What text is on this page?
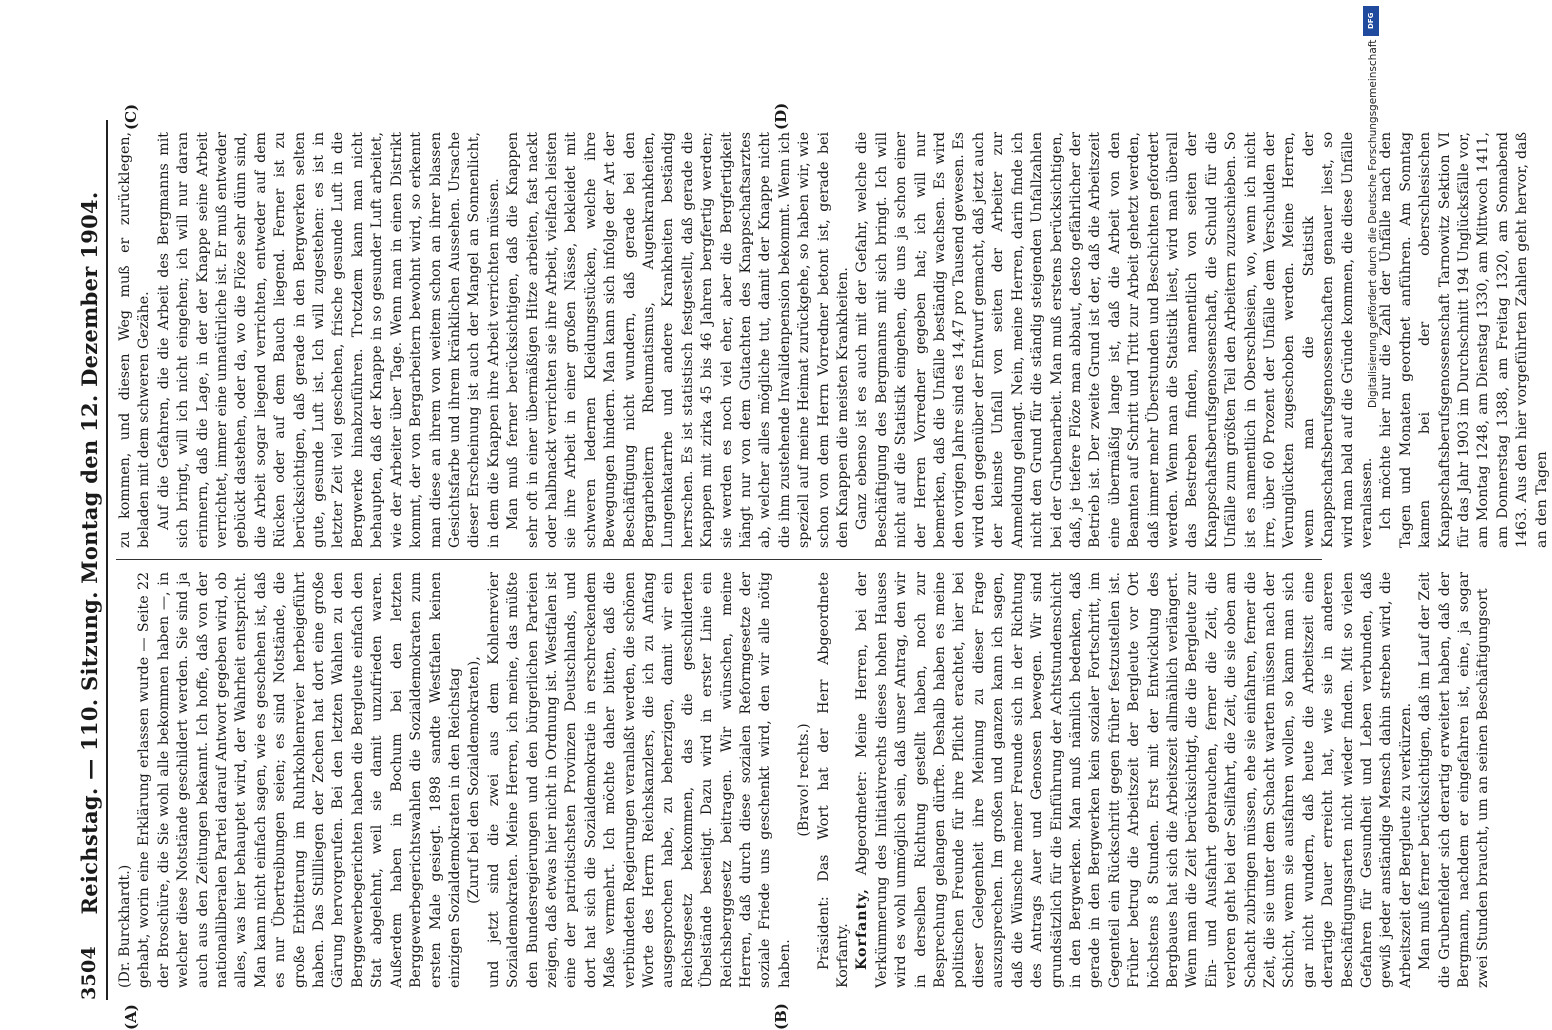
3504
Reichstag. — 110. Sitzung. Montag den 12. Dezember 1904.
(A)	(B)
(C)	(D)

(Dr. Burckhardt.) gehabt, worin eine Erklärung erlassen wurde — Seite 22 der Broschüre, die Sie wohl alle bekommen haben —, in welcher diese Notstände geschildert werden. Sie sind ja auch aus den Zeitungen bekannt. Ich hoffe, daß von der nationalliberalen Partei darauf Antwort gegeben wird, ob alles, was hier behauptet wird, der Wahrheit entspricht. Man kann nicht einfach sagen, wie es geschehen ist, daß es nur Übertreibungen seien; es sind Notstände, die große Erbitterung im Ruhrkohlenrevier herbeigeführt haben. Das Stillliegen der Zechen hat dort eine große Gärung hervorgerufen. Bei den letzten Wahlen zu den Berggewerbegerichten haben die Bergleute einfach den Stat abgelehnt, weil sie damit unzufrieden waren. Außerdem haben in Bochum bei den letzten Berggewerbegerichtswahlen die Sozialdemokraten zum ersten Male gesiegt. 1898 sandte Westfalen keinen einzigen Sozialdemokraten in den Reichstag (Zuruf bei den Sozialdemokraten), und jetzt sind die zwei aus dem Kohlenrevier Sozialdemokraten. Meine Herren, ich meine, das müßte den Bundesregierungen und den bürgerlichen Parteien zeigen, daß etwas hier nicht in Ordnung ist. Westfalen ist eine der patriotischsten Provinzen Deutschlands, und dort hat sich die Sozialdemokratie in erschreckendem Maße vermehrt. Ich möchte daher bitten, daß die verbündeten Regierungen veranlaßt werden, die schönen Worte des Herrn Reichskanzlers, die ich zu Anfang ausgesprochen habe, zu beherzigen, damit wir ein Reichsgesetz bekommen, das die geschilderten Übelstände beseitigt. Dazu wird in erster Linie ein Reichsberggesetz beitragen. Wir wünschen, meine Herren, daß durch diese sozialen Reformgesetze der soziale Friede uns geschenkt wird, den wir alle nötig haben.

(Bravo! rechts.) Präsident: Das Wort hat der Herr Abgeordnete Korfanty. Korfanty, Abgeordneter: Meine Herren, bei der Verkümmerung des Initiativrechts dieses hohen Hauses wird es wohl unmöglich sein, daß unser Antrag, den wir in derselben Richtung gestellt haben, noch zur Besprechung gelangen dürfte. Deshalb haben es meine politischen Freunde für ihre Pflicht erachtet, hier bei dieser Gelegenheit ihre Meinung zu dieser Frage auszusprechen. Im großen und ganzen kann ich sagen, daß die Wünsche meiner Freunde sich in der Richtung des Antrags Auer und Genossen bewegen. Wir sind grundsätzlich für die Einführung der Achtstundenschicht in den Bergwerken. Man muß nämlich bedenken, daß gerade in den Bergwerken kein sozialer Fortschritt, im Gegenteil ein Rückschritt gegen früher festzustellen ist. Früher betrug die Arbeitszeit der Bergleute vor Ort höchstens 8 Stunden. Erst mit der Entwicklung des Bergbaues hat sich die Arbeitszeit allmählich verlängert. Wenn man die Zeit berücksichtigt, die die Bergleute zur Ein- und Ausfahrt gebrauchen, ferner die Zeit, die verloren geht bei der Seilfahrt, die Zeit, die sie oben am Schacht zubringen müssen, ehe sie einfahren, ferner die Zeit, die sie unter dem Schacht warten müssen nach der Schicht, wenn sie ausfahren wollen, so kann man sich gar nicht wundern, daß heute die Arbeitszeit eine derartige Dauer erreicht hat, wie sie in anderen Beschäftigungsarten nicht wieder finden. Mit so vielen Gefahren für Gesundheit und Leben verbunden, daß gewiß jeder anständige Mensch dahin streben wird, die Arbeitszeit der Bergleute zu verkürzen. Man muß ferner berücksichtigen, daß im Lauf der Zeit die Grubenfelder sich derartig erweitert haben, daß der Bergmann, nachdem er eingefahren ist, eine, ja sogar zwei Stunden braucht, um an seinen Beschäftigungsort

zu kommen, und diesen Weg muß er zurücklegen, beladen mit dem schweren Gezähe. Auf die Gefahren, die die Arbeit des Bergmanns mit sich bringt, will ich nicht eingehen; ich will nur daran erinnern, daß die Lage, in der der Knappe seine Arbeit verrichtet, immer eine unnatürliche ist. Er muß entweder gebückt dastehen, oder da, wo die Flöze sehr dünn sind, die Arbeit sogar liegend verrichten, entweder auf dem Rücken oder auf dem Bauch liegend. Ferner ist zu berücksichtigen, daß gerade in den Bergwerken selten gute, gesunde Luft ist. Ich will zugestehen: es ist in letzter Zeit viel geschehen, frische gesunde Luft in die Bergwerke hinabzuführen. Trotzdem kann man nicht behaupten, daß der Knappe in so gesunder Luft arbeitet, wie der Arbeiter über Tage. Wenn man in einen Distrikt kommt, der von Bergarbeitern bewohnt wird, so erkennt man diese an ihrem von weitem schon an ihrer blassen Gesichtsfarbe und ihrem kränklichen Aussehen. Ursache dieser Erscheinung ist auch der Mangel an Sonnenlicht, in dem die Knappen ihre Arbeit verrichten müssen. Man muß ferner berücksichtigen, daß die Knappen sehr oft in einer übermäßigen Hitze arbeiten, fast nackt oder halbnackt verrichten sie ihre Arbeit, vielfach leisten sie ihre Arbeit in einer großen Nässe, bekleidet mit schweren ledernen Kleidungsstücken, welche ihre Bewegungen hindern. Man kann sich infolge der Art der Beschäftigung nicht wundern, daß gerade bei den Bergarbeitern Rheumatismus, Augenkrankheiten, Lungenkatarrhe und andere Krankheiten beständig herrschen. Es ist statistisch festgestellt, daß gerade die Knappen mit zirka 45 bis 46 Jahren bergfertig werden; sie werden es noch viel eher, aber die Bergfertigkeit hängt nur von dem Gutachten des Knappschaftsarztes ab, welcher alles mögliche tut, damit der Knappe nicht die ihm zustehende Invalidenpension bekommt. Wenn ich speziell auf meine Heimat zurückgehe, so haben wir, wie schon von dem Herrn Vorredner betont ist, gerade bei den Knappen die meisten Krankheiten. Ganz ebenso ist es auch mit der Gefahr, welche die Beschäftigung des Bergmanns mit sich bringt. Ich will nicht auf die Statistik eingehen, die uns ja schon einer der Herren Vorredner gegeben hat; ich will nur bemerken, daß die Unfälle beständig wachsen. Es wird den vorigen Jahre sind es 14,47 pro Tausend gewesen. Es wird den gegenüber der Entwurf gemacht, daß jetzt auch der kleinste Unfall von seiten der Arbeiter zur Anmeldung gelangt. Nein, meine Herren, darin finde ich nicht den Grund für die ständig steigenden Unfallzahlen bei der Grubenarbeit. Man muß erstens berücksichtigen, daß, je tiefere Flöze man abbaut, desto gefährlicher der Betrieb ist. Der zweite Grund ist der, daß die Arbeitszeit eine übermäßig lange ist, daß die Arbeit von den Beamten auf Schritt und Tritt zur Arbeit gehetzt werden, daß immer mehr Überstunden und Beschichten gefordert werden. Wenn man die Statistik liest, wird man überall das Bestreben finden, namentlich von seiten der Knappschaftsberufsgenossenschaft, die Schuld für die Unfälle zum größten Teil den Arbeitern zuzuschieben. So ist es namentlich in Oberschlesien, wo, wenn ich nicht irre, über 60 Prozent der Unfälle dem Verschulden der Verunglückten zugeschoben werden. Meine Herren, wenn man die Statistik der Knappschaftsberufsgenossenschaften genauer liest, so wird man bald auf die Gründe kommen, die diese Unfälle veranlassen. Ich möchte hier nur die Zahl der Unfälle nach den Tagen und Monaten geordnet anführen. Am Sonntag kamen bei der oberschlesischen Knappschaftsberufsgenossenschaft Tarnowitz Sektion VI für das Jahr 1903 im Durchschnitt 194 Unglücksfälle vor, am Montag 1248, am Dienstag 1330, am Mittwoch 1411, am Donnerstag 1388, am Freitag 1320, am Sonnabend 1463. Aus den hier vorgeführten Zahlen geht hervor, daß an den Tagen

DFG
Digitalisierung gefördert durch die Deutsche Forschungsgemeinschaft
